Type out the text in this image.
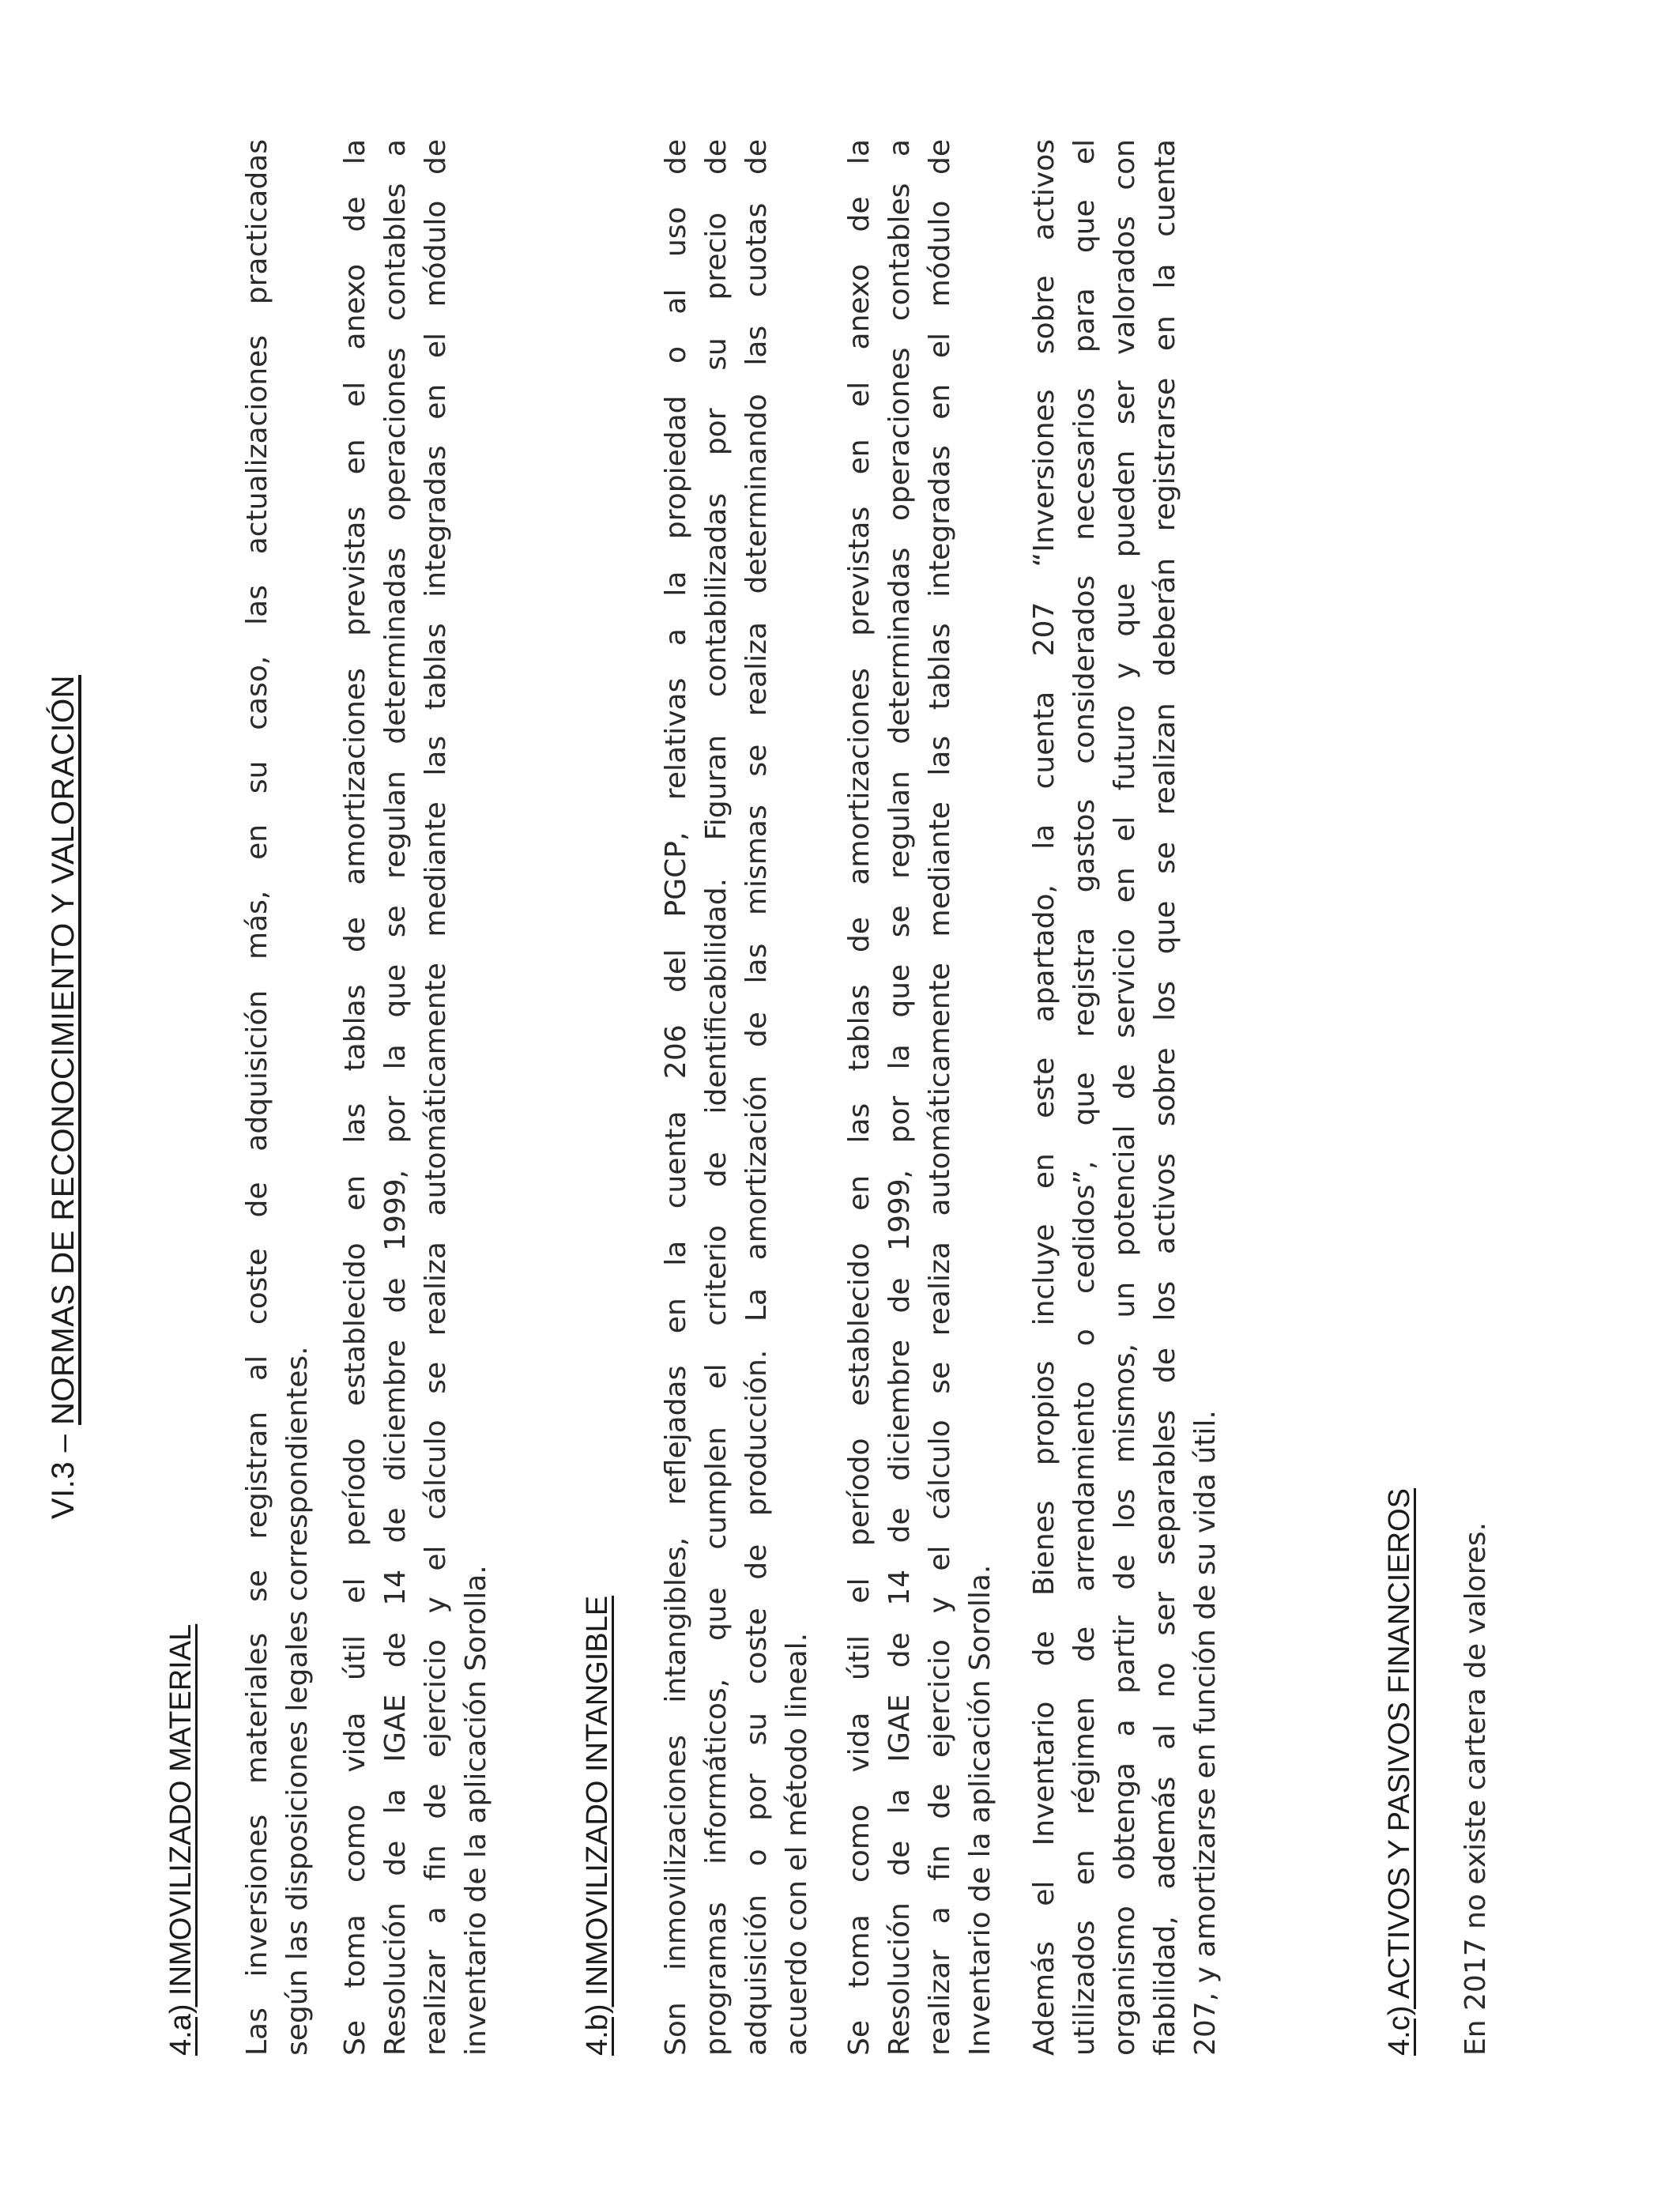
VI.3 – NORMAS DE RECONOCIMIENTO Y VALORACIÓN
4.a) INMOVILIZADO MATERIAL Las inversiones materiales se registran al coste de adquisición más, en su caso, las actualizaciones practicadas según las disposiciones legales correspondientes. Se toma como vida útil el período establecido en las tablas de amortizaciones previstas en el anexo de la Resolución de la IGAE de 14 de diciembre de 1999, por la que se regulan determinadas operaciones contables a realizar a fin de ejercicio y el cálculo se realiza automáticamente mediante las tablas integradas en el módulo de inventario de la aplicación Sorolla.	4.b) INMOVILIZADO INTANGIBLE Son inmovilizaciones intangibles, reflejadas en la cuenta 206 del PGCP, relativas a la propiedad o al uso de programas informáticos, que cumplen el criterio de identificabilidad. Figuran contabilizadas por su precio de adquisición o por su coste de producción. La amortización de las mismas se realiza determinando las cuotas de acuerdo con el método lineal. Se toma como vida útil el período establecido en las tablas de amortizaciones previstas en el anexo de la Resolución de la IGAE de 14 de diciembre de 1999, por la que se regulan determinadas operaciones contables a realizar a fin de ejercicio y el cálculo se realiza automáticamente mediante las tablas integradas en el módulo de Inventario de la aplicación Sorolla. Además el Inventario de Bienes propios incluye en este apartado, la cuenta 207 “Inversiones sobre activos utilizados en régimen de arrendamiento o cedidos”, que registra gastos considerados necesarios para que el organismo obtenga a partir de los mismos, un potencial de servicio en el futuro y que pueden ser valorados con fiabilidad, además al no ser separables de los activos sobre los que se realizan deberán registrarse en la cuenta 207, y amortizarse en función de su vida útil.	4.c) ACTIVOS Y PASIVOS FINANCIEROS En 2017 no existe cartera de valores.
